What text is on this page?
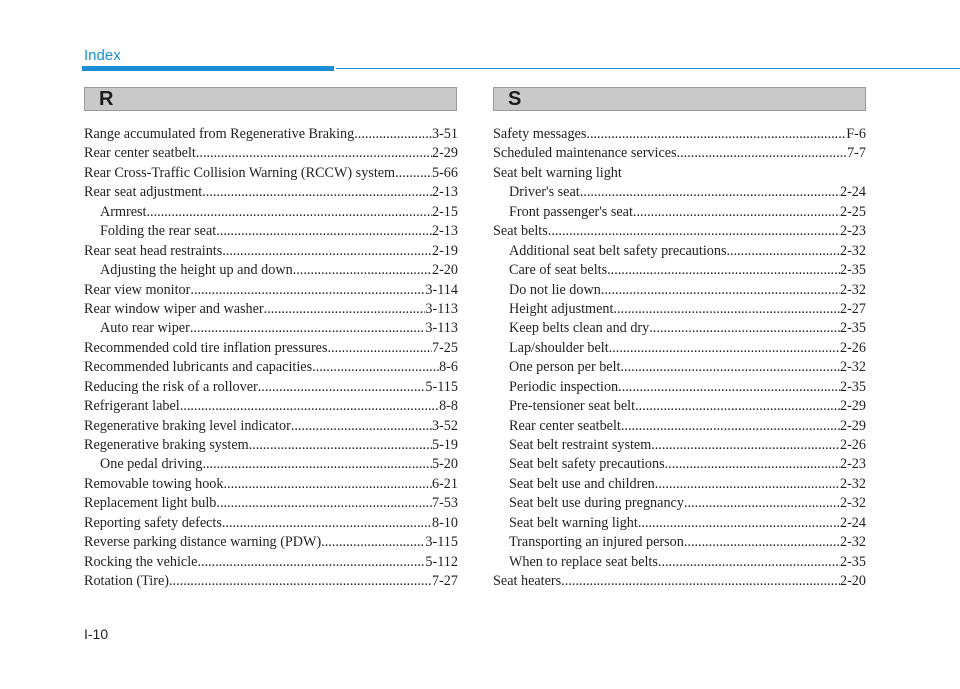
Index
R	S
Range accumulated from Regenerative Braking .....	3-51
Rear center seatbelt .....	2-29
Rear Cross-Traffic Collision Warning (RCCW) system .....	5-66
Rear seat adjustment .....	2-13
Armrest .....	2-15
Folding the rear seat .....	2-13
Rear seat head restraints .....	2-19
Adjusting the height up and down .....	2-20
Rear view monitor .....	3-114
Rear window wiper and washer .....	3-113
Auto rear wiper .....	3-113
Recommended cold tire inflation pressures .....	7-25
Recommended lubricants and capacities .....	8-6
Reducing the risk of a rollover .....	5-115
Refrigerant label .....	8-8
Regenerative braking level indicator .....	3-52
Regenerative braking system .....	5-19
One pedal driving .....	5-20
Removable towing hook .....	6-21
Replacement light bulb .....	7-53
Reporting safety defects .....	8-10
Reverse parking distance warning (PDW) .....	3-115
Rocking the vehicle .....	5-112
Rotation (Tire) .....	7-27
Safety messages .....	F-6
Scheduled maintenance services .....	7-7
Seat belt warning light
Driver's seat .....	2-24
Front passenger's seat .....	2-25
Seat belts .....	2-23
Additional seat belt safety precautions .....	2-32
Care of seat belts .....	2-35
Do not lie down .....	2-32
Height adjustment .....	2-27
Keep belts clean and dry .....	2-35
Lap/shoulder belt .....	2-26
One person per belt .....	2-32
Periodic inspection .....	2-35
Pre-tensioner seat belt .....	2-29
Rear center seatbelt .....	2-29
Seat belt restraint system .....	2-26
Seat belt safety precautions .....	2-23
Seat belt use and children .....	2-32
Seat belt use during pregnancy .....	2-32
Seat belt warning light .....	2-24
Transporting an injured person .....	2-32
When to replace seat belts .....	2-35
Seat heaters .....	2-20
I-10
